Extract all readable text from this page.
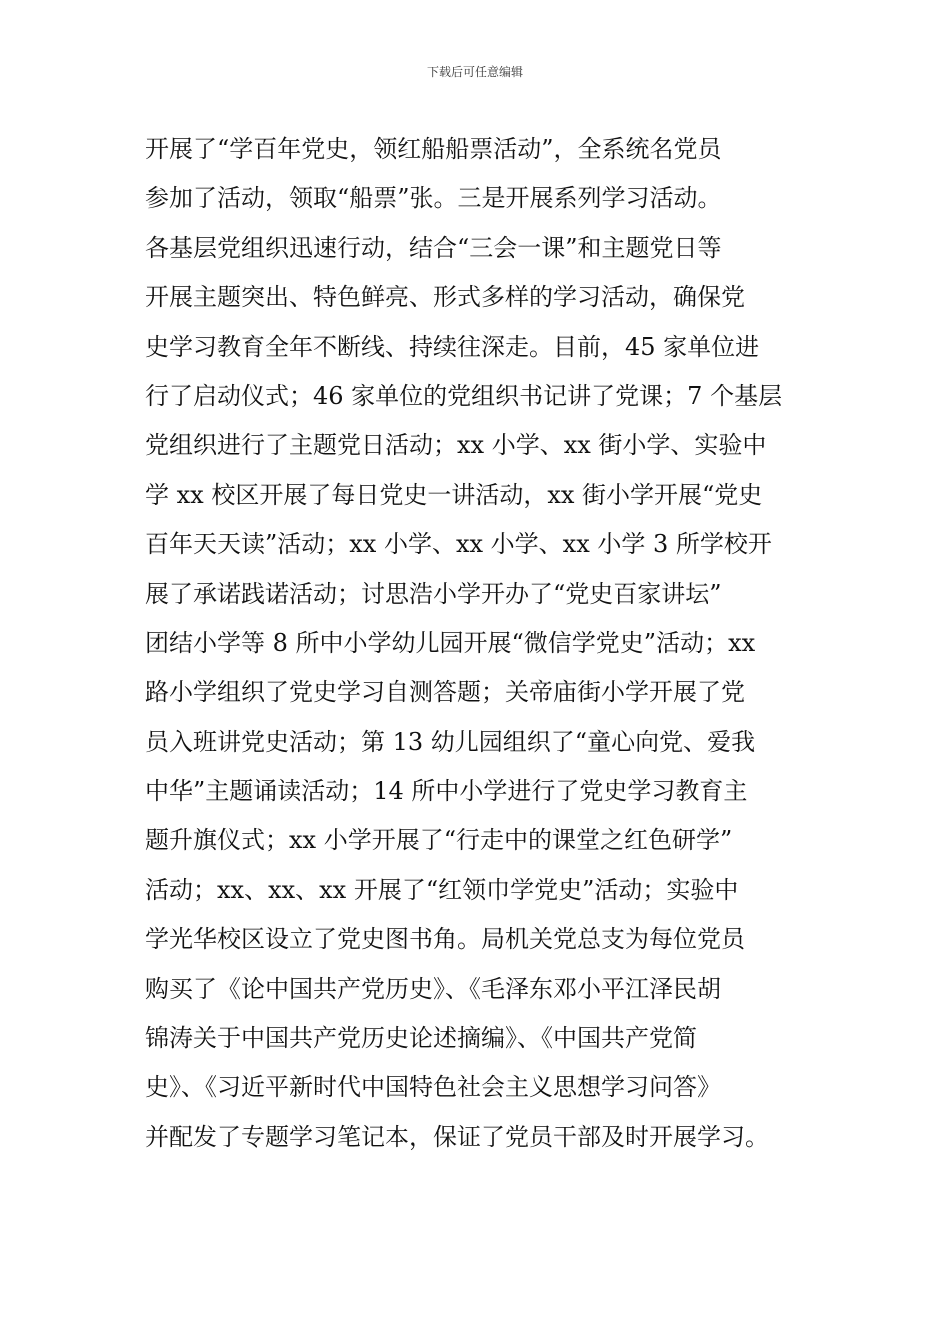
下载后可任意编辑
开展了“学百年党史，领红船船票活动”，全系统名党员
参加了活动，领取“船票”张。三是开展系列学习活动。
各基层党组织迅速行动，结合“三会一课”和主题党日等
开展主题突出、特色鲜亮、形式多样的学习活动，确保党
史学习教育全年不断线、持续往深走。目前，45 家单位进
行了启动仪式；46 家单位的党组织书记讲了党课；7 个基层
党组织进行了主题党日活动；xx 小学、xx 街小学、实验中
学 xx 校区开展了每日党史一讲活动，xx 街小学开展“党史
百年天天读”活动；xx 小学、xx 小学、xx 小学 3 所学校开
展了承诺践诺活动；讨思浩小学开办了“党史百家讲坛”
团结小学等 8 所中小学幼儿园开展“微信学党史”活动；xx
路小学组织了党史学习自测答题；关帝庙街小学开展了党
员入班讲党史活动；第 13 幼儿园组织了“童心向党、爱我
中华”主题诵读活动；14 所中小学进行了党史学习教育主
题升旗仪式；xx 小学开展了“行走中的课堂之红色研学”
活动；xx、xx、xx 开展了“红领巾学党史”活动；实验中
学光华校区设立了党史图书角。局机关党总支为每位党员
购买了《论中国共产党历史》、《毛泽东邓小平江泽民胡
锦涛关于中国共产党历史论述摘编》、《中国共产党简
史》、《习近平新时代中国特色社会主义思想学习问答》
并配发了专题学习笔记本，保证了党员干部及时开展学习。
